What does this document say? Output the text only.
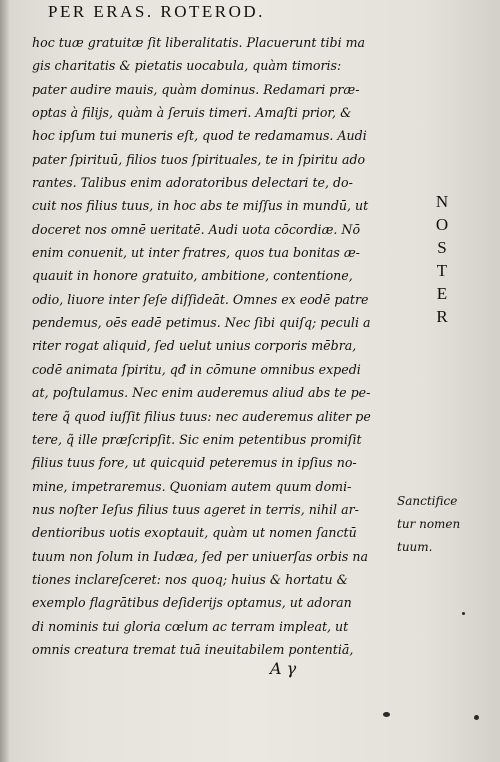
PER ERAS. ROTEROD.
hoc tuæ gratuitæ ſit liberalitatis. Placuerunt tibi ma
gis charitatis & pietatis uocabula, quàm timoris:
pater audire mauis, quàm dominus. Redamari præ-
optas à filijs, quàm à ſeruis timeri. Amaſti prior, &
hoc ipſum tui muneris eſt, quod te redamamus. Audi
pater ſpirituū, filios tuos ſpirituales, te in ſpiritu ado
rantes. Talibus enim adoratoribus delectari te, do-
cuit nos filius tuus, in hoc abs te miſſus in mundū, ut
doceret nos omnē ueritatē. Audi uota cōcordiæ. Nō
enim conuenit, ut inter fratres, quos tua bonitas æ-
quauit in honore gratuito, ambitione, contentione,
odio, liuore inter ſeſe diſſideāt. Omnes ex eodē patre
pendemus, oēs eadē petimus. Nec ſibi quiſq; peculi a
riter rogat aliquid, ſed uelut unius corporis mēbra,
codē animata ſpiritu, qđ in cōmune omnibus expedi
at, poſtulamus. Nec enim auderemus aliud abs te pe-
tere q̃ quod iuſſit filius tuus: nec auderemus aliter pe
tere, q̃ ille præſcripſit. Sic enim petentibus promiſit
filius tuus fore, ut quicquid peteremus in ipſius no-
mine, impetraremus. Quoniam autem quum domi-
nus noſter Ieſus filius tuus ageret in terris, nihil ar-
dentioribus uotis exoptauit, quàm ut nomen ſanctū
tuum non ſolum in Iudæa, ſed per uniuerſas orbis na
tiones inclareſceret: nos quoq; huius & hortatu &
exemplo flagrātibus deſiderijs optamus, ut adoran
di nominis tui gloria cœlum ac terram impleat, ut
omnis creatura tremat tuā ineuitabilem pontentiā,
N
O
S
T
E
R
Sanctifice
tur nomen
tuum.
A γ
